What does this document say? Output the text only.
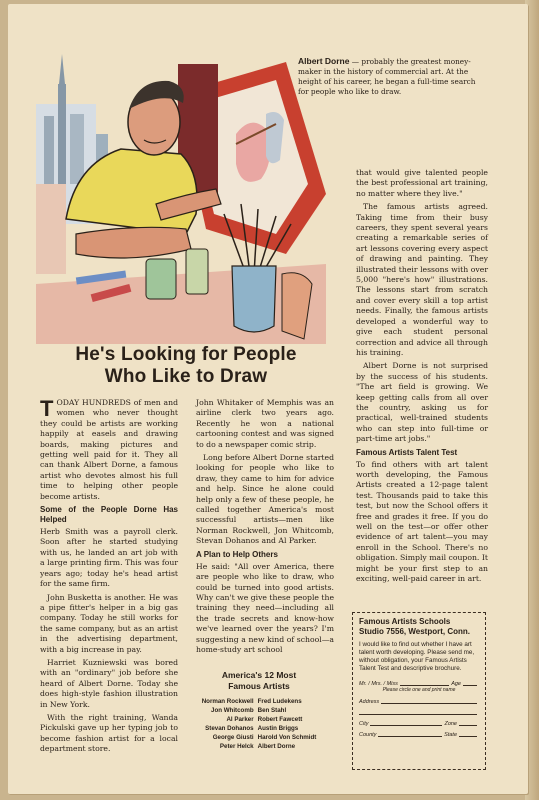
Albert Dorne — probably the greatest money-maker in the history of commercial art. At the height of his career, he began a full-time search for people who like to draw.
He's Looking for People
Who Like to Draw

TODAY HUNDREDS of men and women who never thought they could be artists are working happily at easels and drawing boards, making pictures and getting well paid for it. They all can thank Albert Dorne, a famous artist who devotes almost his full time to helping other people become artists.

Some of the People Dorne Has Helped

Herb Smith was a payroll clerk. Soon after he started studying with us, he landed an art job with a large printing firm. This was four years ago; today he's head artist for the same firm.

John Busketta is another. He was a pipe fitter's helper in a big gas company. Today he still works for the same company, but as an artist in the advertising department, with a big increase in pay.

Harriet Kuzniewski was bored with an "ordinary" job before she heard of Albert Dorne. Today she does high-style fashion illustration in New York.

With the right training, Wanda Pickulski gave up her typing job to become fashion artist for a local department store.

John Whitaker of Memphis was an airline clerk two years ago. Recently he won a national cartooning contest and was signed to do a newspaper comic strip.

Long before Albert Dorne started looking for people who like to draw, they came to him for advice and help. Since he alone could help only a few of these people, he called together America's most successful artists—men like Norman Rockwell, Jon Whitcomb, Stevan Dohanos and Al Parker.

A Plan to Help Others

He said: "All over America, there are people who like to draw, who could be turned into good artists. Why can't we give these people the training they need—including all the trade secrets and know-how we've learned over the years? I'm suggesting a new kind of school—a home-study art school

America's 12 Most
Famous Artists
Norman Rockwell	Fred Ludekens
Jon Whitcomb	Ben Stahl
Al Parker	Robert Fawcett
Stevan Dohanos	Austin Briggs
George Giusti	Harold Von Schmidt
Peter Helck	Albert Dorne

that would give talented people the best professional art training, no matter where they live."

The famous artists agreed. Taking time from their busy careers, they spent several years creating a remarkable series of art lessons covering every aspect of drawing and painting. They illustrated their lessons with over 5,000 "here's how" illustrations. The lessons start from scratch and cover every skill a top artist needs. Finally, the famous artists developed a wonderful way to give each student personal correction and advice all through his training.

Albert Dorne is not surprised by the success of his students. "The art field is growing. We keep getting calls from all over the country, asking us for practical, well-trained students who can step into full-time or part-time art jobs."

Famous Artists Talent Test

To find others with art talent worth developing, the Famous Artists created a 12-page talent test. Thousands paid to take this test, but now the School offers it free and grades it free. If you do well on the test—or offer other evidence of art talent—you may enroll in the School. There's no obligation. Simply mail coupon. It might be your first step to an exciting, well-paid career in art.

Famous Artists Schools
Studio 7556, Westport, Conn.
I would like to find out whether I have art talent worth developing. Please send me, without obligation, your Famous Artists Talent Test and descriptive brochure.
Mr. / Mrs. / Miss	Age
Please circle one and print name
Address
City	Zone
County	State
